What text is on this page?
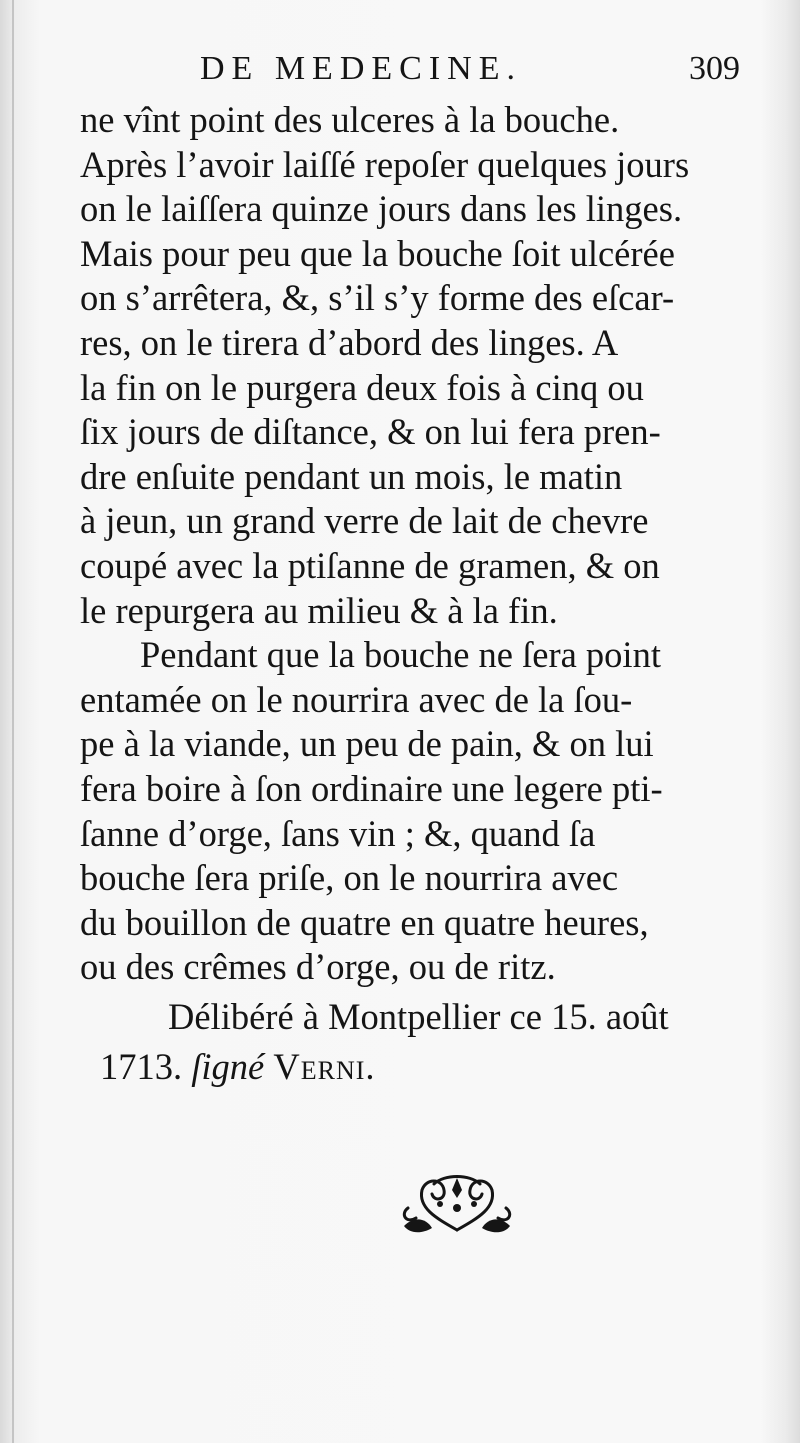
DE MEDECINE.	309
ne vînt point des ulceres à la bouche.
Après l’avoir laiſſé repoſer quelques jours
on le laiſſera quinze jours dans les linges.
Mais pour peu que la bouche ſoit ulcérée
on s’arrêtera, &, s’il s’y forme des eſcar-
res, on le tirera d’abord des linges. A
la fin on le purgera deux fois à cinq ou
ſix jours de diſtance, & on lui fera pren-
dre enſuite pendant un mois, le matin
à jeun, un grand verre de lait de chevre
coupé avec la ptiſanne de gramen, & on
le repurgera au milieu & à la fin.
Pendant que la bouche ne ſera point
entamée on le nourrira avec de la ſou-
pe à la viande, un peu de pain, & on lui
fera boire à ſon ordinaire une legere pti-
ſanne d’orge, ſans vin ; &, quand ſa
bouche ſera priſe, on le nourrira avec
du bouillon de quatre en quatre heures,
ou des crêmes d’orge, ou de ritz.
Délibéré à Montpellier ce 15. août
1713. ſigné Verni.
